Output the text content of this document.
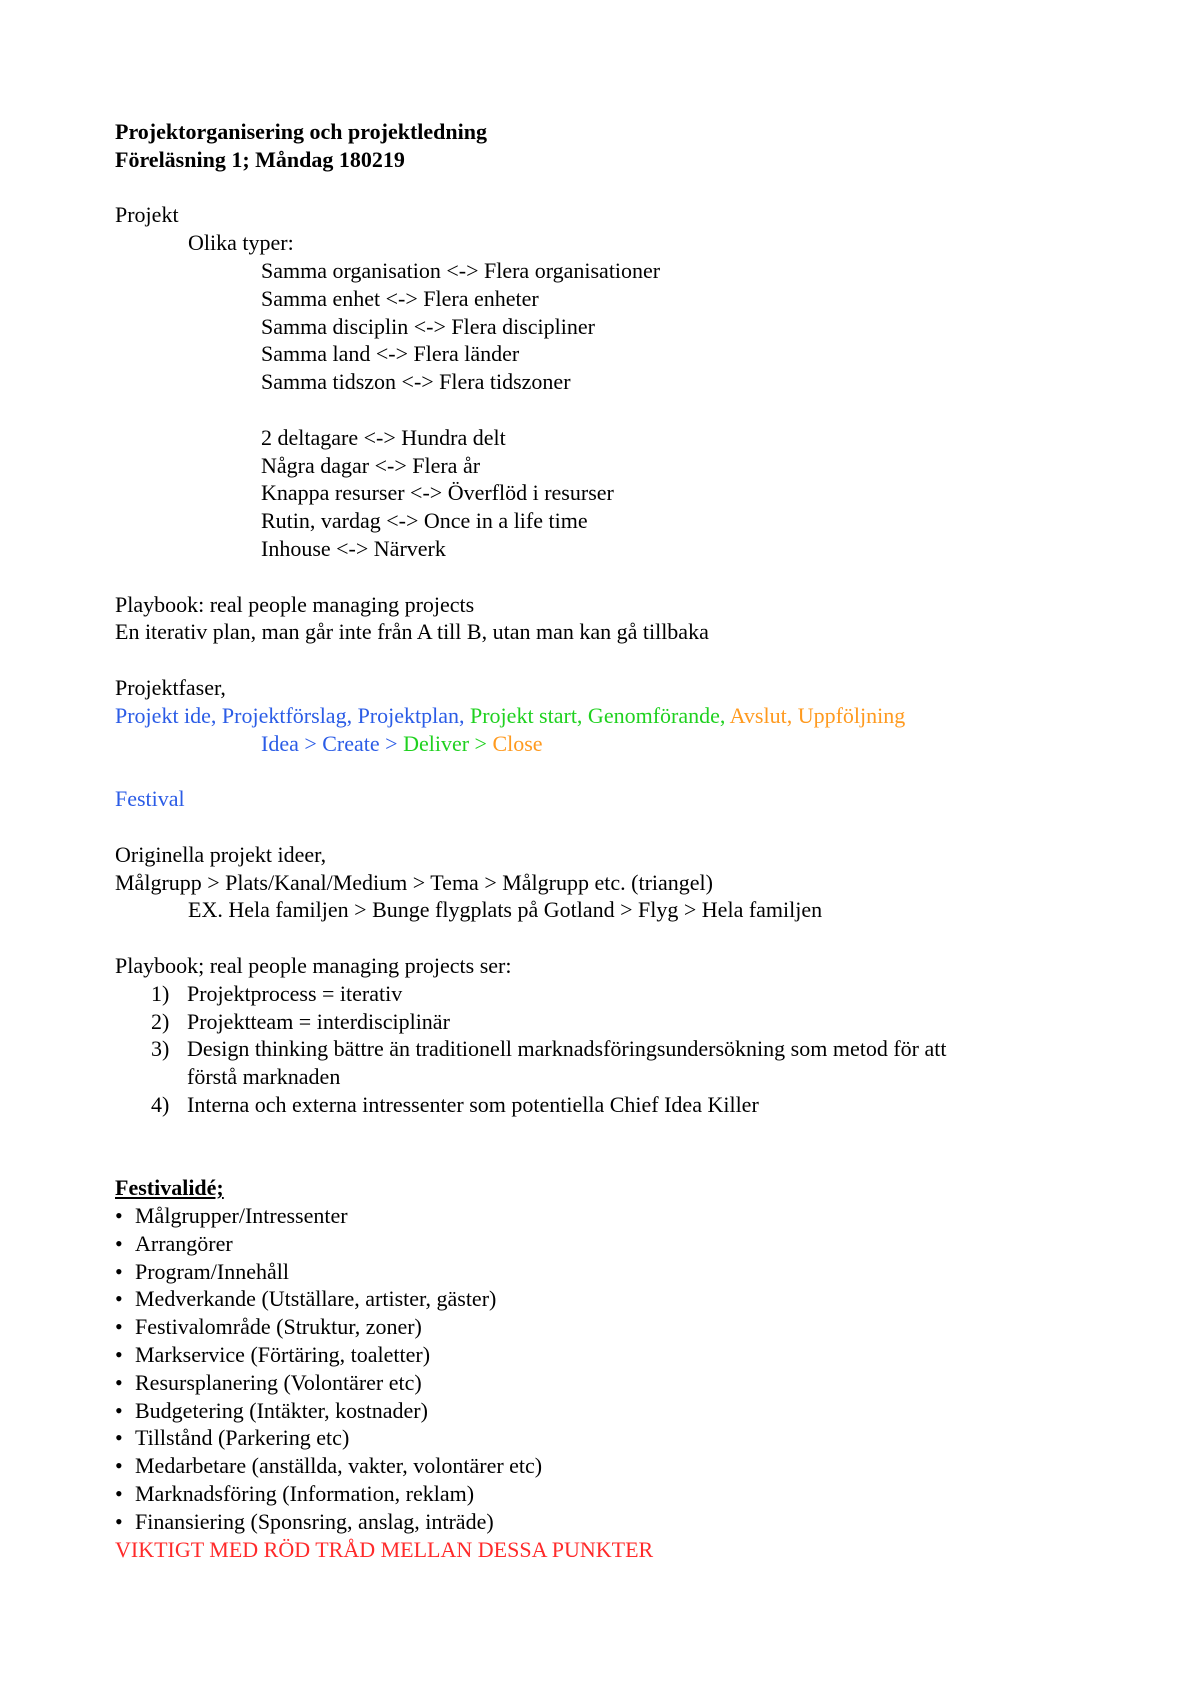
Projektorganisering och projektledning
Föreläsning 1; Måndag 180219
Projekt
Olika typer:
Samma organisation <-> Flera organisationer
Samma enhet <-> Flera enheter
Samma disciplin <-> Flera discipliner
Samma land <-> Flera länder
Samma tidszon <-> Flera tidszoner
2 deltagare <-> Hundra delt
Några dagar <-> Flera år
Knappa resurser <-> Överflöd i resurser
Rutin, vardag <-> Once in a life time
Inhouse <-> Närverk
Playbook: real people managing projects
En iterativ plan, man går inte från A till B, utan man kan gå tillbaka
Projektfaser,
Projekt ide, Projektförslag, Projektplan, Projekt start, Genomförande, Avslut, Uppföljning
Idea > Create > Deliver > Close
Festival
Originella projekt ideer,
Målgrupp > Plats/Kanal/Medium > Tema > Målgrupp etc. (triangel)
EX. Hela familjen > Bunge flygplats på Gotland > Flyg > Hela familjen
Playbook; real people managing projects ser:
1) Projektprocess = iterativ
2) Projektteam = interdisciplinär
3) Design thinking bättre än traditionell marknadsföringsundersökning som metod för att förstå marknaden
4) Interna och externa intressenter som potentiella Chief Idea Killer
Festivalidé;
• Målgrupper/Intressenter
• Arrangörer
• Program/Innehåll
• Medverkande (Utställare, artister, gäster)
• Festivalområde (Struktur, zoner)
• Markservice (Förtäring, toaletter)
• Resursplanering (Volontärer etc)
• Budgetering (Intäkter, kostnader)
• Tillstånd (Parkering etc)
• Medarbetare (anställda, vakter, volontärer etc)
• Marknadsföring (Information, reklam)
• Finansiering (Sponsring, anslag, inträde)
VIKTIGT MED RÖD TRÅD MELLAN DESSA PUNKTER
